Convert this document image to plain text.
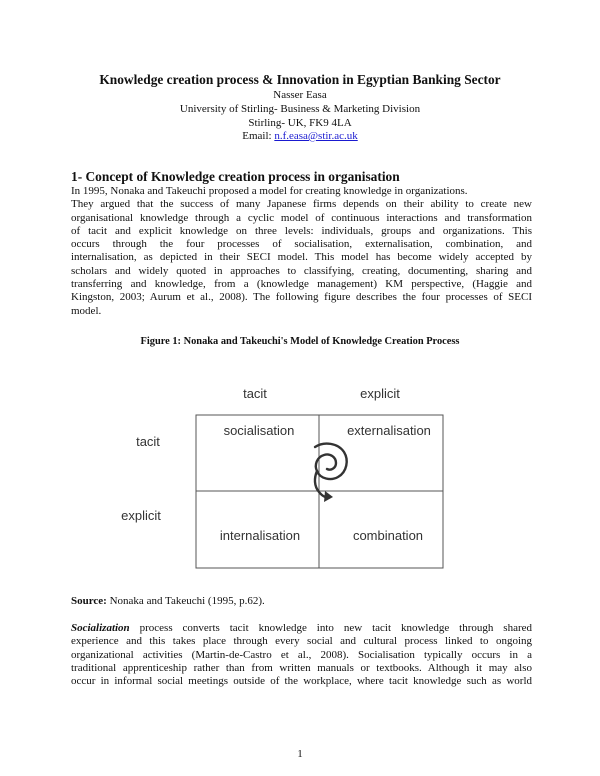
Knowledge creation process & Innovation in Egyptian Banking Sector
Nasser Easa
University of Stirling- Business & Marketing Division
Stirling- UK, FK9 4LA
Email: n.f.easa@stir.ac.uk
1- Concept of Knowledge creation process in organisation

In 1995, Nonaka and Takeuchi proposed a model for creating knowledge in organizations.
They argued that the success of many Japanese firms depends on their ability to create new
organisational knowledge through a cyclic model of continuous interactions and transformation
of tacit and explicit knowledge on three levels: individuals, groups and organizations. This
occurs through the four processes of socialisation, externalisation, combination, and
internalisation, as depicted in their SECI model. This model has become widely accepted by
scholars and widely quoted in approaches to classifying, creating, documenting, sharing and
transferring and knowledge, from a (knowledge management) KM perspective, (Haggie and
Kingston, 2003; Aurum et al., 2008). The following figure describes the four processes of SECI
model.

Figure 1: Nonaka and Takeuchi's Model of Knowledge Creation Process
tacit	explicit
tacit
explicit
socialisation	externalisation
internalisation	combination
Source: Nonaka and Takeuchi (1995, p.62).

Socialization process converts tacit knowledge into new tacit knowledge through shared
experience and this takes place through every social and cultural process linked to ongoing
organizational activities (Martin-de-Castro et al., 2008). Socialisation typically occurs in a
traditional apprenticeship rather than from written manuals or textbooks. Although it may also
occur in informal social meetings outside of the workplace, where tacit knowledge such as world

1
